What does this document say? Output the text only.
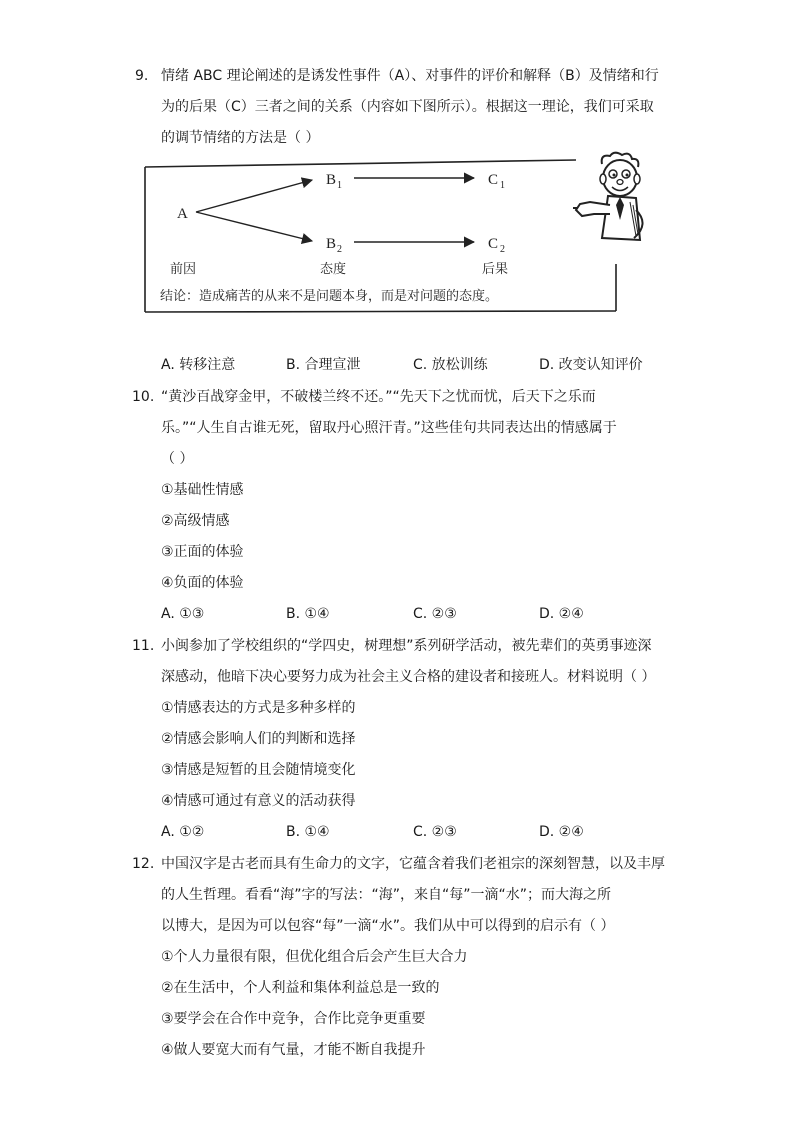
9. 情绪 ABC 理论阐述的是诱发性事件（A）、对事件的评价和解释（B）及情绪和行
为的后果（C）三者之间的关系（内容如下图所示）。根据这一理论，我们可采取
的调节情绪的方法是（ ）
A
B 1	C 1
B 2	C 2
前因	态度	后果
结论：造成痛苦的从来不是问题本身，而是对问题的态度。
A. 转移注意	B. 合理宣泄	C. 放松训练	D. 改变认知评价
10. “黄沙百战穿金甲，不破楼兰终不还。”“先天下之忧而忧，后天下之乐而
乐。”“人生自古谁无死，留取丹心照汗青。”这些佳句共同表达出的情感属于
（ ）
①基础性情感
②高级情感
③正面的体验
④负面的体验
A. ①③	B. ①④	C. ②③	D. ②④
11. 小闽参加了学校组织的“学四史，树理想”系列研学活动，被先辈们的英勇事迹深
深感动，他暗下决心要努力成为社会主义合格的建设者和接班人。材料说明（ ）
①情感表达的方式是多种多样的
②情感会影响人们的判断和选择
③情感是短暂的且会随情境变化
④情感可通过有意义的活动获得
A. ①②	B. ①④	C. ②③	D. ②④
12. 中国汉字是古老而具有生命力的文字，它蕴含着我们老祖宗的深刻智慧，以及丰厚
的人生哲理。看看“海”字的写法：“海”，来自“每”一滴“水”；而大海之所
以博大，是因为可以包容“每”一滴“水”。我们从中可以得到的启示有（ ）
①个人力量很有限，但优化组合后会产生巨大合力
②在生活中，个人利益和集体利益总是一致的
③要学会在合作中竞争，合作比竞争更重要
④做人要宽大而有气量，才能不断自我提升
